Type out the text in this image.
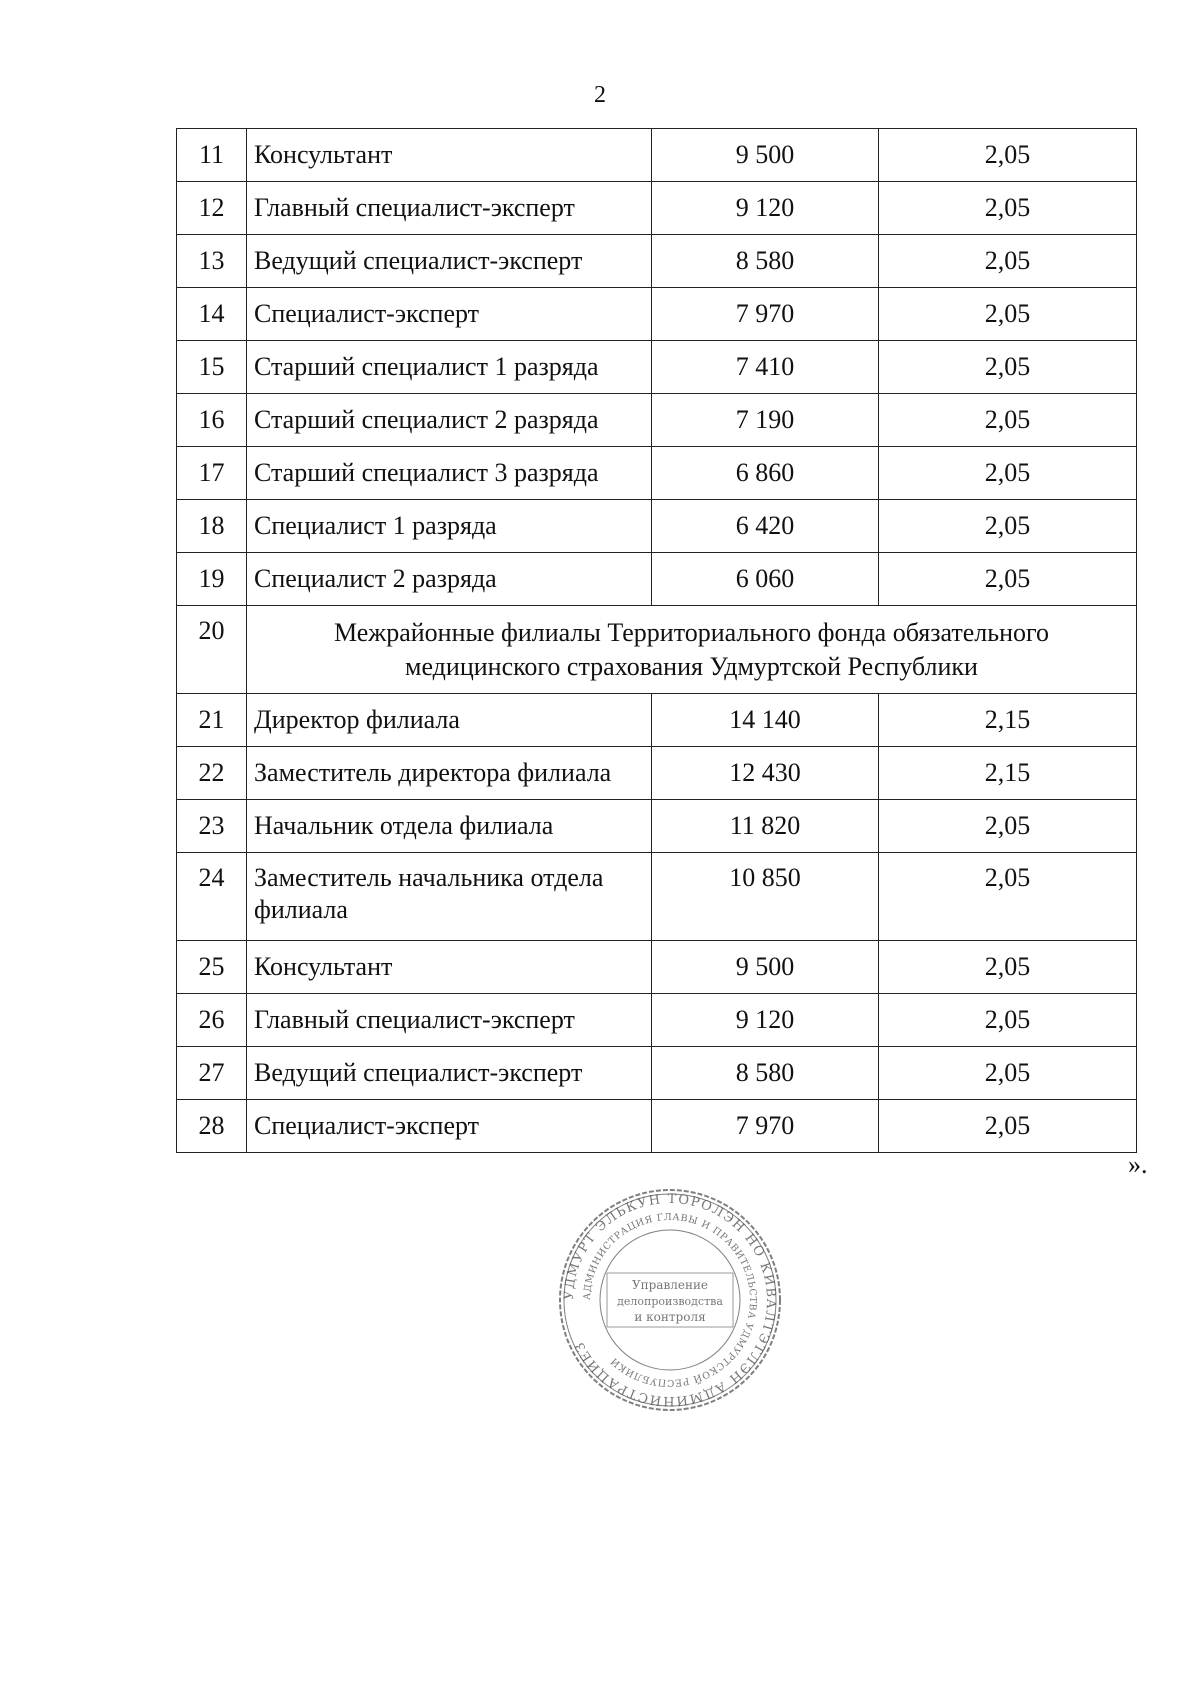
2
11	Консультант	9 500	2,05
12	Главный специалист-эксперт	9 120	2,05
13	Ведущий специалист-эксперт	8 580	2,05
14	Специалист-эксперт	7 970	2,05
15	Старший специалист 1 разряда	7 410	2,05
16	Старший специалист 2 разряда	7 190	2,05
17	Старший специалист 3 разряда	6 860	2,05
18	Специалист 1 разряда	6 420	2,05
19	Специалист 2 разряда	6 060	2,05
20	Межрайонные филиалы Территориального фонда обязательного
медицинского страхования Удмуртской Республики		

21	Директор филиала	14 140	2,15
22	Заместитель директора филиала	12 430	2,15
23	Начальник отдела филиала	11 820	2,05
24	Заместитель начальника отдела
филиала	10 850	2,05
25	Консультант	9 500	2,05
26	Главный специалист-эксперт	9 120	2,05
27	Ведущий специалист-эксперт	8 580	2,05
28	Специалист-эксперт	7 970	2,05
».
УДМУРТ ЭЛЬКУН ТОРОЛЭН НО КИВАЛТЭТЛЭН АДМИНИСТРАЦИЕЗ
АДМИНИСТРАЦИЯ ГЛАВЫ И ПРАВИТЕЛЬСТВА УДМУРТСКОЙ РЕСПУБЛИКИ
Управление
делопроизводства
и контроля
